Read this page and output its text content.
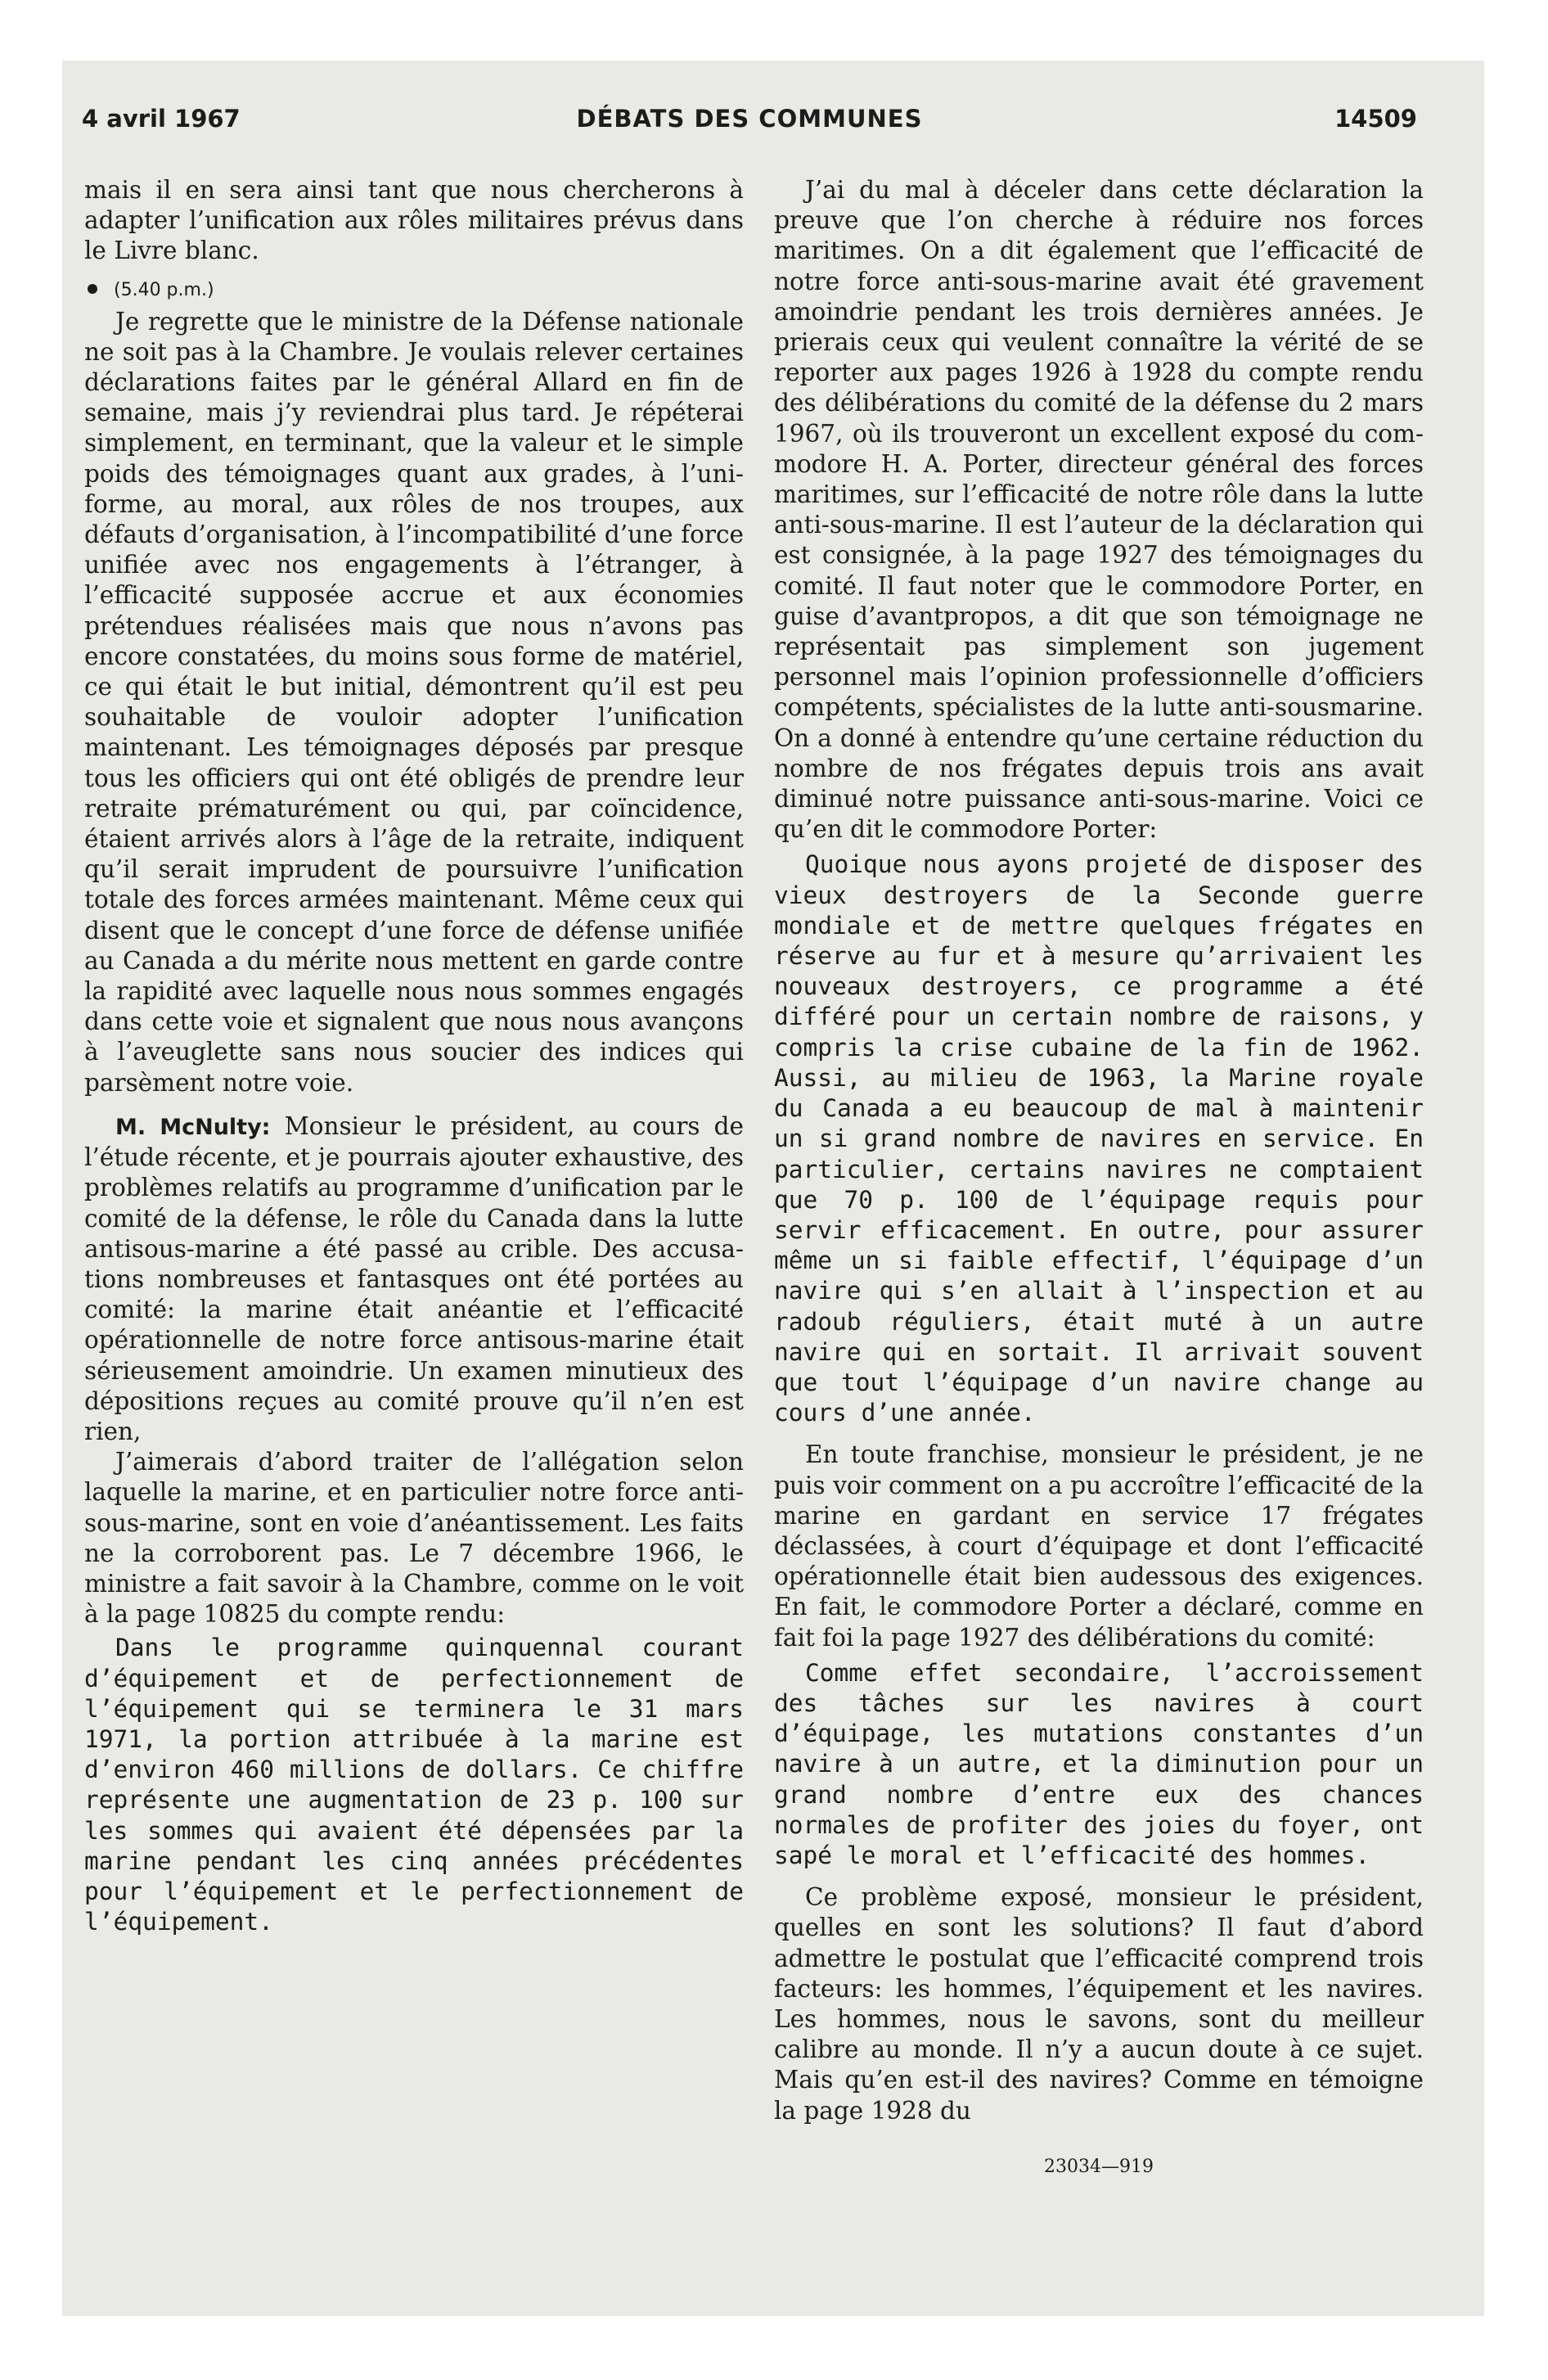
4 avril 1967	DÉBATS DES COMMUNES	14509

mais il en sera ainsi tant que nous chercherons à adapter l’unification aux rôles militaires prévus dans le Livre blanc.

(5.40 p.m.)

Je regrette que le ministre de la Défense nationale ne soit pas à la Chambre. Je voulais relever certaines déclarations faites par le général Allard en fin de semaine, mais j’y reviendrai plus tard. Je répéterai simplement, en terminant, que la valeur et le simple poids des témoignages quant aux grades, à l’uniforme, au moral, aux rôles de nos troupes, aux défauts d’organisation, à l’incompatibilité d’une force unifiée avec nos engagements à l’étranger, à l’efficacité supposée accrue et aux économies prétendues réalisées mais que nous n’avons pas encore constatées, du moins sous forme de matériel, ce qui était le but initial, démontrent qu’il est peu souhaitable de vouloir adopter l’unification maintenant. Les témoignages déposés par presque tous les officiers qui ont été obligés de prendre leur retraite prématurément ou qui, par coïncidence, étaient arrivés alors à l’âge de la retraite, indiquent qu’il serait imprudent de poursuivre l’unification totale des forces armées maintenant. Même ceux qui disent que le concept d’une force de défense unifiée au Canada a du mérite nous mettent en garde contre la rapidité avec laquelle nous nous sommes engagés dans cette voie et signalent que nous nous avançons à l’aveuglette sans nous soucier des indices qui parsèment notre voie.

M. McNulty: Monsieur le président, au cours de l’étude récente, et je pourrais ajouter exhaustive, des problèmes relatifs au programme d’unification par le comité de la défense, le rôle du Canada dans la lutte antisous-marine a été passé au crible. Des accusations nombreuses et fantasques ont été portées au comité: la marine était anéantie et l’efficacité opérationnelle de notre force antisous-marine était sérieusement amoindrie. Un examen minutieux des dépositions reçues au comité prouve qu’il n’en est rien,

J’aimerais d’abord traiter de l’allégation selon laquelle la marine, et en particulier notre force anti-sous-marine, sont en voie d’anéantissement. Les faits ne la corroborent pas. Le 7 décembre 1966, le ministre a fait savoir à la Chambre, comme on le voit à la page 10825 du compte rendu:

Dans le programme quinquennal courant d’équipement et de perfectionnement de l’équipement qui se terminera le 31 mars 1971, la portion attribuée à la marine est d’environ 460 millions de dollars. Ce chiffre représente une augmentation de 23 p. 100 sur les sommes qui avaient été dépensées par la marine pendant les cinq années précédentes pour l’équipement et le perfectionnement de l’équipement.

J’ai du mal à déceler dans cette déclaration la preuve que l’on cherche à réduire nos forces maritimes. On a dit également que l’efficacité de notre force anti-sous-marine avait été gravement amoindrie pendant les trois dernières années. Je prierais ceux qui veulent connaître la vérité de se reporter aux pages 1926 à 1928 du compte rendu des délibérations du comité de la défense du 2 mars 1967, où ils trouveront un excellent exposé du commodore H. A. Porter, directeur général des forces maritimes, sur l’efficacité de notre rôle dans la lutte anti-sous-marine. Il est l’auteur de la déclaration qui est consignée, à la page 1927 des témoignages du comité. Il faut noter que le commodore Porter, en guise d’avantpropos, a dit que son témoignage ne représentait pas simplement son jugement personnel mais l’opinion professionnelle d’officiers compétents, spécialistes de la lutte anti-sousmarine. On a donné à entendre qu’une certaine réduction du nombre de nos frégates depuis trois ans avait diminué notre puissance anti-sous-marine. Voici ce qu’en dit le commodore Porter:

Quoique nous ayons projeté de disposer des vieux destroyers de la Seconde guerre mondiale et de mettre quelques frégates en réserve au fur et à mesure qu’arrivaient les nouveaux destroyers, ce programme a été différé pour un certain nombre de raisons, y compris la crise cubaine de la fin de 1962. Aussi, au milieu de 1963, la Marine royale du Canada a eu beaucoup de mal à maintenir un si grand nombre de navires en service. En particulier, certains navires ne comptaient que 70 p. 100 de l’équipage requis pour servir efficacement. En outre, pour assurer même un si faible effectif, l’équipage d’un navire qui s’en allait à l’inspection et au radoub réguliers, était muté à un autre navire qui en sortait. Il arrivait souvent que tout l’équipage d’un navire change au cours d’une année.

En toute franchise, monsieur le président, je ne puis voir comment on a pu accroître l’efficacité de la marine en gardant en service 17 frégates déclassées, à court d’équipage et dont l’efficacité opérationnelle était bien audessous des exigences. En fait, le commodore Porter a déclaré, comme en fait foi la page 1927 des délibérations du comité:

Comme effet secondaire, l’accroissement des tâches sur les navires à court d’équipage, les mutations constantes d’un navire à un autre, et la diminution pour un grand nombre d’entre eux des chances normales de profiter des joies du foyer, ont sapé le moral et l’efficacité des hommes.

Ce problème exposé, monsieur le président, quelles en sont les solutions? Il faut d’abord admettre le postulat que l’efficacité comprend trois facteurs: les hommes, l’équipement et les navires. Les hommes, nous le savons, sont du meilleur calibre au monde. Il n’y a aucun doute à ce sujet. Mais qu’en est-il des navires? Comme en témoigne la page 1928 du

23034—919
